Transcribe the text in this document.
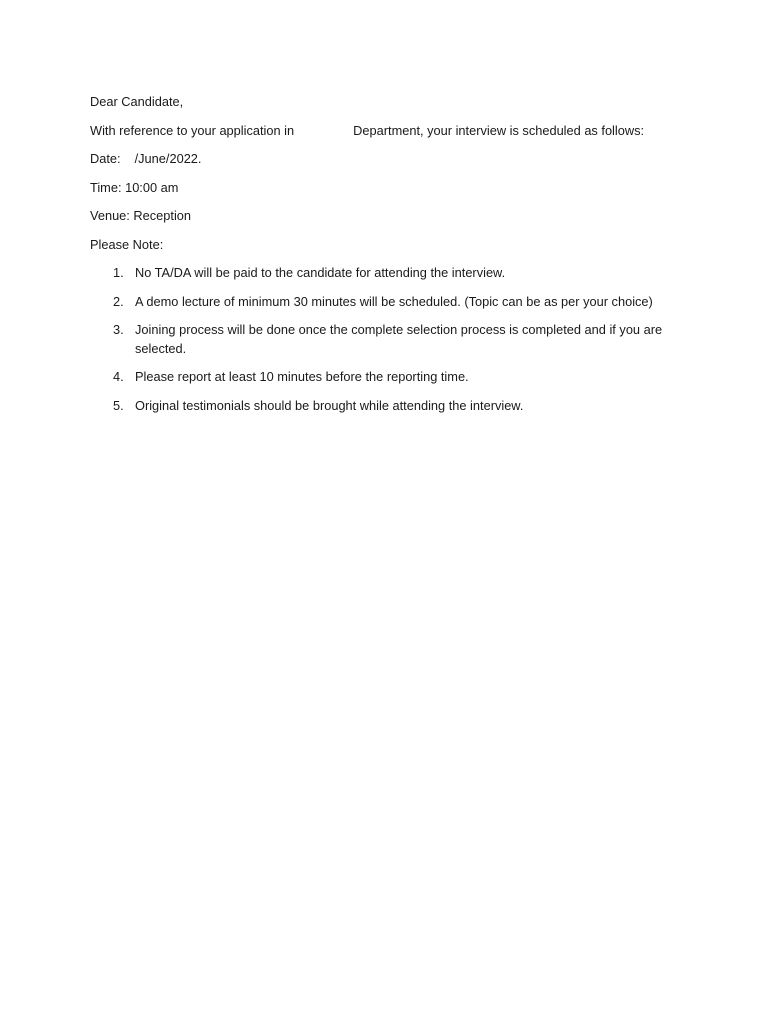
Dear Candidate,

With reference to your application in	Department, your interview is scheduled as follows:

Date: /June/2022.

Time: 10:00 am

Venue: Reception

Please Note:

1. No TA/DA will be paid to the candidate for attending the interview.
2. A demo lecture of minimum 30 minutes will be scheduled. (Topic can be as per your choice)
3. Joining process will be done once the complete selection process is completed and if you are selected.
4. Please report at least 10 minutes before the reporting time.
5. Original testimonials should be brought while attending the interview.
